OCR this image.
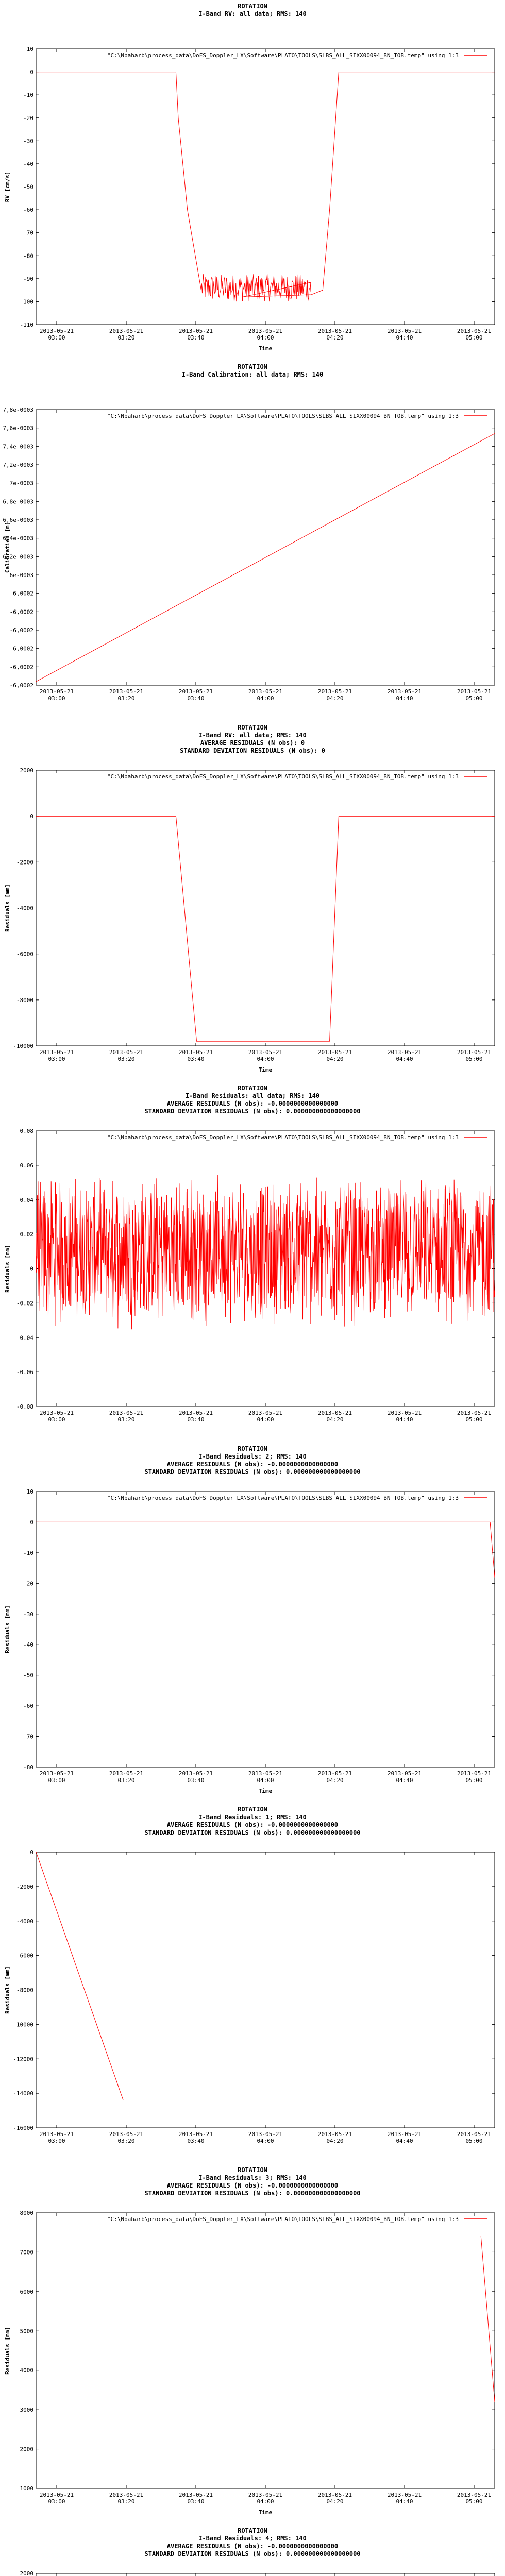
ROTATION
I-Band RV: all data; RMS: 140
10
0
-10
-20
-30
-40
-50
-60
-70
-80
-90
-100
-110
2013-05-21
03:00
2013-05-21
03:20
2013-05-21
03:40
2013-05-21
04:00
2013-05-21
04:20
2013-05-21
04:40
2013-05-21
05:00
RV [cm/s]
Time
"C:\Nbaharb\process_data\DoFS_Doppler_LX\Software\PLATO\TOOLS\SLBS_ALL_SIXX00094_BN_TOB.temp" using 1:3
ROTATION
I-Band Calibration: all data; RMS: 140
7,8e-0003
7,6e-0003
7,4e-0003
7,2e-0003
7e-0003
6,8e-0003
6,6e-0003
6,4e-0003
6,2e-0003
6e-0003
-6,0002
-6,0002
-6,0002
-6,0002
-6,0002
-6,0002
2013-05-21
03:00
2013-05-21
03:20
2013-05-21
03:40
2013-05-21
04:00
2013-05-21
04:20
2013-05-21
04:40
2013-05-21
05:00
Calibration [m]
"C:\Nbaharb\process_data\DoFS_Doppler_LX\Software\PLATO\TOOLS\SLBS_ALL_SIXX00094_BN_TOB.temp" using 1:3
ROTATION
I-Band RV: all data; RMS: 140
AVERAGE RESIDUALS (N obs): 0
STANDARD DEVIATION RESIDUALS (N obs): 0
2000
0
-2000
-4000
-6000
-8000
-10000
2013-05-21
03:00
2013-05-21
03:20
2013-05-21
03:40
2013-05-21
04:00
2013-05-21
04:20
2013-05-21
04:40
2013-05-21
05:00
Residuals [mm]
Time
"C:\Nbaharb\process_data\DoFS_Doppler_LX\Software\PLATO\TOOLS\SLBS_ALL_SIXX00094_BN_TOB.temp" using 1:3
ROTATION
I-Band Residuals: all data; RMS: 140
AVERAGE RESIDUALS (N obs): -0.0000000000000000
STANDARD DEVIATION RESIDUALS (N obs): 0.000000000000000000
0.08
0.06
0.04
0.02
0
-0.02
-0.04
-0.06
-0.08
2013-05-21
03:00
2013-05-21
03:20
2013-05-21
03:40
2013-05-21
04:00
2013-05-21
04:20
2013-05-21
04:40
2013-05-21
05:00
Residuals [mm]
"C:\Nbaharb\process_data\DoFS_Doppler_LX\Software\PLATO\TOOLS\SLBS_ALL_SIXX00094_BN_TOB.temp" using 1:3
ROTATION
I-Band Residuals: 2; RMS: 140
AVERAGE RESIDUALS (N obs): -0.0000000000000000
STANDARD DEVIATION RESIDUALS (N obs): 0.000000000000000000
10
0
-10
-20
-30
-40
-50
-60
-70
-80
2013-05-21
03:00
2013-05-21
03:20
2013-05-21
03:40
2013-05-21
04:00
2013-05-21
04:20
2013-05-21
04:40
2013-05-21
05:00
Residuals [mm]
Time
"C:\Nbaharb\process_data\DoFS_Doppler_LX\Software\PLATO\TOOLS\SLBS_ALL_SIXX00094_BN_TOB.temp" using 1:3
ROTATION
I-Band Residuals: 1; RMS: 140
AVERAGE RESIDUALS (N obs): -0.0000000000000000
STANDARD DEVIATION RESIDUALS (N obs): 0.000000000000000000
0
-2000
-4000
-6000
-8000
-10000
-12000
-14000
-16000
2013-05-21
03:00
2013-05-21
03:20
2013-05-21
03:40
2013-05-21
04:00
2013-05-21
04:20
2013-05-21
04:40
2013-05-21
05:00
Residuals [mm]
ROTATION
I-Band Residuals: 3; RMS: 140
AVERAGE RESIDUALS (N obs): -0.0000000000000000
STANDARD DEVIATION RESIDUALS (N obs): 0.000000000000000000
8000
7000
6000
5000
4000
3000
2000
1000
2013-05-21
03:00
2013-05-21
03:20
2013-05-21
03:40
2013-05-21
04:00
2013-05-21
04:20
2013-05-21
04:40
2013-05-21
05:00
Residuals [mm]
Time
"C:\Nbaharb\process_data\DoFS_Doppler_LX\Software\PLATO\TOOLS\SLBS_ALL_SIXX00094_BN_TOB.temp" using 1:3
ROTATION
I-Band Residuals: 4; RMS: 140
AVERAGE RESIDUALS (N obs): -0.0000000000000000
STANDARD DEVIATION RESIDUALS (N obs): 0.000000000000000000
2000
